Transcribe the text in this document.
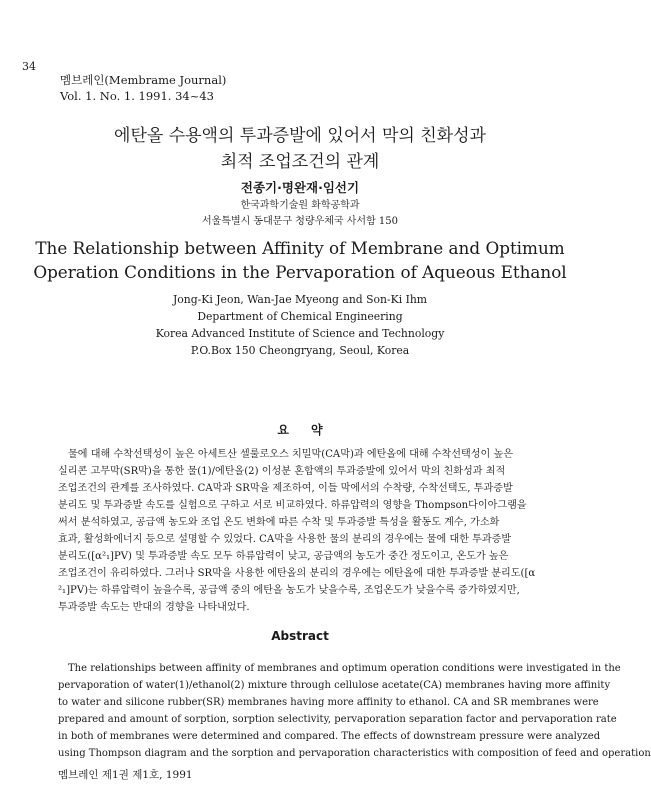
34
멤브레인(Membrame Journal)
Vol. 1. No. 1. 1991. 34~43
에탄올 수용액의 투과증발에 있어서 막의 친화성과
최적 조업조건의 관계
전종기·명완재·임선기
한국과학기술원 화학공학과
서울특별시 동대문구 청량우체국 사서함 150
The Relationship between Affinity of Membrane and Optimum
Operation Conditions in the Pervaporation of Aqueous Ethanol
Jong-Ki Jeon, Wan-Jae Myeong and Son-Ki Ihm
Department of Chemical Engineering
Korea Advanced Institute of Science and Technology
P.O.Box 150 Cheongryang, Seoul, Korea
요약
물에 대해 수착선택성이 높은 아세트산 셀룰로오스 치밀막(CA막)과 에탄올에 대해 수착선택성이 높은
실리콘 고무막(SR막)을 통한 물(1)/에탄올(2) 이성분 혼합액의 투과증발에 있어서 막의 친화성과 최적
조업조건의 관계를 조사하였다. CA막과 SR막을 제조하여, 이들 막에서의 수착량, 수착선택도, 투과증발
분리도 및 투과증발 속도를 실험으로 구하고 서로 비교하였다. 하류압력의 영향을 Thompson다이아그램을
써서 분석하였고, 공급액 농도와 조업 온도 변화에 따른 수착 및 투과증발 특성을 활동도 계수, 가소화
효과, 활성화에너지 등으로 설명할 수 있었다. CA막을 사용한 물의 분리의 경우에는 물에 대한 투과증발
분리도([α²₁]PV) 및 투과증발 속도 모두 하류압력이 낮고, 공급액의 농도가 중간 정도이고, 온도가 높은
조업조건이 유리하였다. 그러나 SR막을 사용한 에탄올의 분리의 경우에는 에탄올에 대한 투과증발 분리도([α
²₁]PV)는 하류압력이 높을수록, 공급액 중의 에탄올 농도가 낮을수록, 조업온도가 낮을수록 증가하였지만,
투과증발 속도는 반대의 경향을 나타내었다.
Abstract
The relationships between affinity of membranes and optimum operation conditions were investigated in the
pervaporation of water(1)/ethanol(2) mixture through cellulose acetate(CA) membranes having more affinity
to water and silicone rubber(SR) membranes having more affinity to ethanol. CA and SR membranes were
prepared and amount of sorption, sorption selectivity, pervaporation separation factor and pervaporation rate
in both of membranes were determined and compared. The effects of downstream pressure were analyzed
using Thompson diagram and the sorption and pervaporation characteristics with composition of feed and operation
멤브레인 제1권 제1호, 1991
